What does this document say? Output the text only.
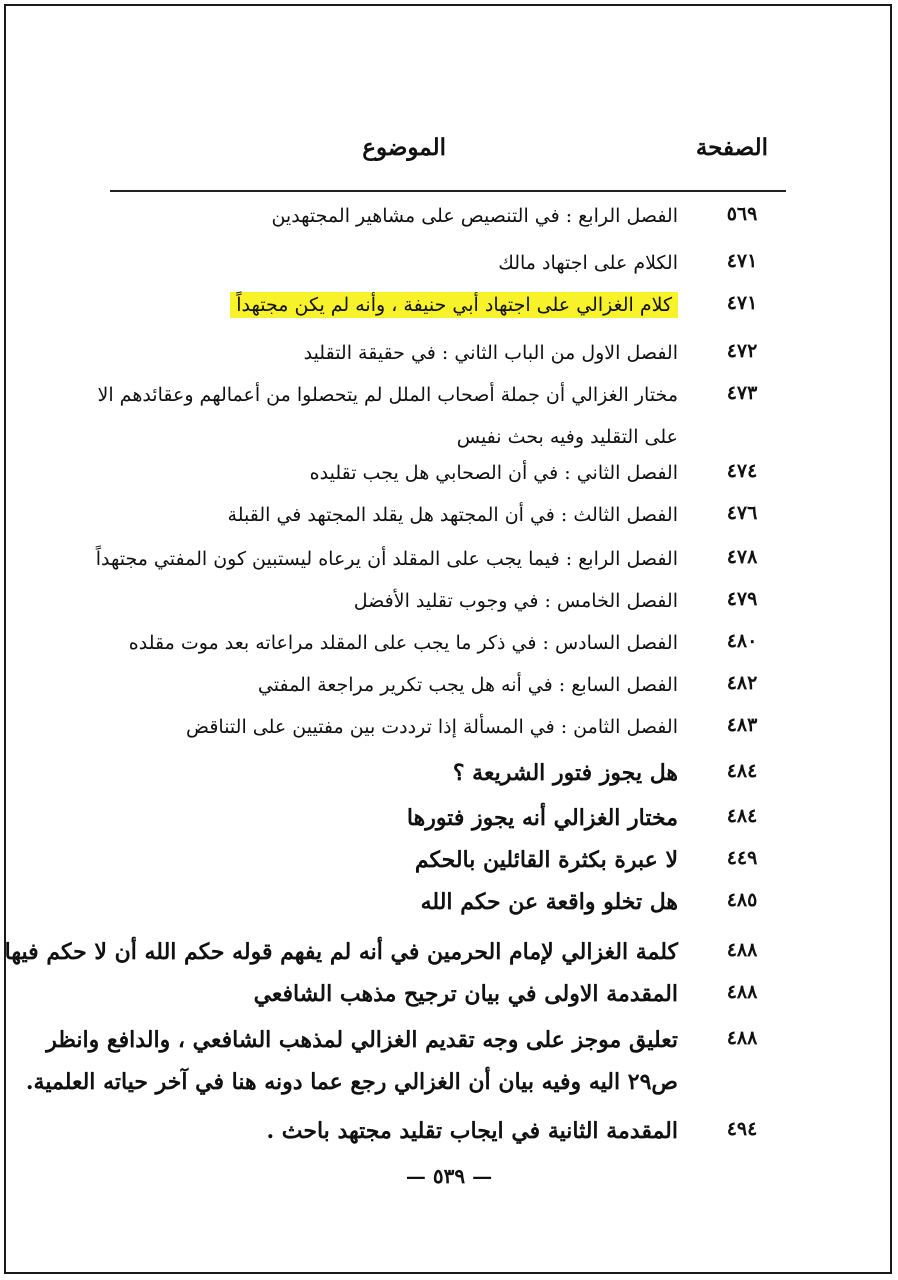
الصفحة
الموضوع
٥٦٩
الفصل الرابع : في التنصيص على مشاهير المجتهدين
٤٧١
الكلام على اجتهاد مالك
٤٧١
كلام الغزالي على اجتهاد أبي حنيفة ، وأنه لم يكن مجتهداً
٤٧٢
الفصل الاول من الباب الثاني : في حقيقة التقليد
٤٧٣
مختار الغزالي أن جملة أصحاب الملل لم يتحصلوا من أعمالهم وعقائدهم الا
على التقليد وفيه بحث نفيس
٤٧٤
الفصل الثاني : في أن الصحابي هل يجب تقليده
٤٧٦
الفصل الثالث : في أن المجتهد هل يقلد المجتهد في القبلة
٤٧٨
الفصل الرابع : فيما يجب على المقلد أن يرعاه ليستبين كون المفتي مجتهداً
٤٧٩
الفصل الخامس : في وجوب تقليد الأفضل
٤٨٠
الفصل السادس : في ذكر ما يجب على المقلد مراعاته بعد موت مقلده
٤٨٢
الفصل السابع : في أنه هل يجب تكرير مراجعة المفتي
٤٨٣
الفصل الثامن : في المسألة إذا ترددت بين مفتيين على التناقض
٤٨٤
هل يجوز فتور الشريعة ؟
٤٨٤
مختار الغزالي أنه يجوز فتورها
٤٤٩
لا عبرة بكثرة القائلين بالحكم
٤٨٥
هل تخلو واقعة عن حكم الله
٤٨٨
كلمة الغزالي لإمام الحرمين في أنه لم يفهم قوله حكم الله أن لا حكم فيها
٤٨٨
المقدمة الاولى في بيان ترجيح مذهب الشافعي
٤٨٨
تعليق موجز على وجه تقديم الغزالي لمذهب الشافعي ، والدافع وانظر
ص٢٩ اليه وفيه بيان أن الغزالي رجع عما دونه هنا في آخر حياته العلمية.
٤٩٤
المقدمة الثانية في ايجاب تقليد مجتهد باحث .
— ٥٣٩ —
